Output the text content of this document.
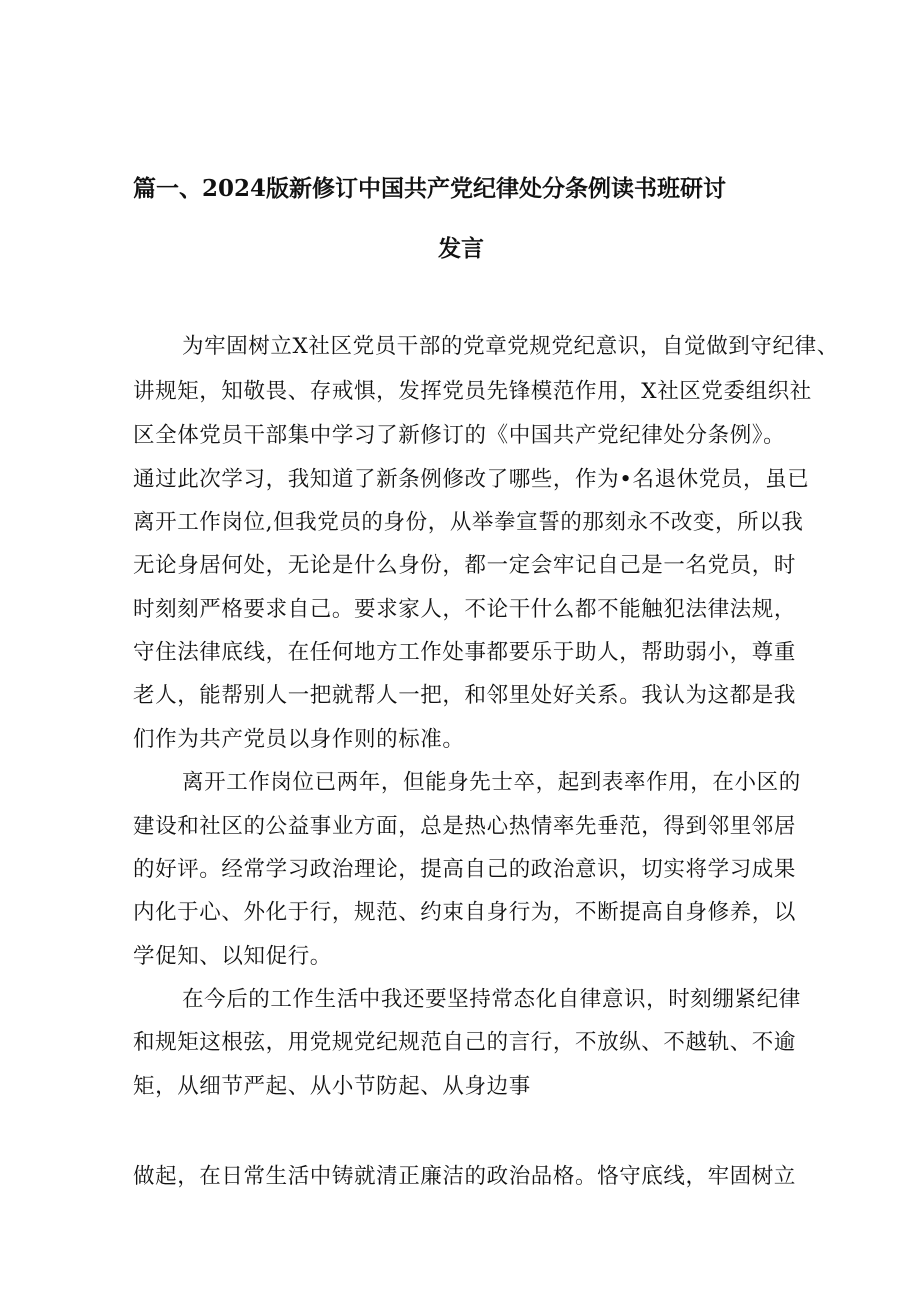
篇一、2024版新修订中国共产党纪律处分条例读书班研讨
发言
为牢固树立X社区党员干部的党章党规党纪意识，自觉做到守纪律、
讲规矩，知敬畏、存戒惧，发挥党员先锋模范作用，X社区党委组织社
区全体党员干部集中学习了新修订的《中国共产党纪律处分条例》。
通过此次学习，我知道了新条例修改了哪些，作为•名退休党员，虽已
离开工作岗位,但我党员的身份，从举拳宣誓的那刻永不改变，所以我
无论身居何处，无论是什么身份，都一定会牢记自己是一名党员，时
时刻刻严格要求自己。要求家人，不论干什么都不能触犯法律法规，
守住法律底线，在任何地方工作处事都要乐于助人，帮助弱小，尊重
老人，能帮别人一把就帮人一把，和邻里处好关系。我认为这都是我
们作为共产党员以身作则的标准。
离开工作岗位已两年，但能身先士卒，起到表率作用，在小区的
建设和社区的公益事业方面，总是热心热情率先垂范，得到邻里邻居
的好评。经常学习政治理论，提高自己的政治意识，切实将学习成果
内化于心、外化于行，规范、约束自身行为，不断提高自身修养，以
学促知、以知促行。
在今后的工作生活中我还要坚持常态化自律意识，时刻绷紧纪律
和规矩这根弦，用党规党纪规范自己的言行，不放纵、不越轨、不逾
矩，从细节严起、从小节防起、从身边事
做起，在日常生活中铸就清正廉洁的政治品格。恪守底线，牢固树立
